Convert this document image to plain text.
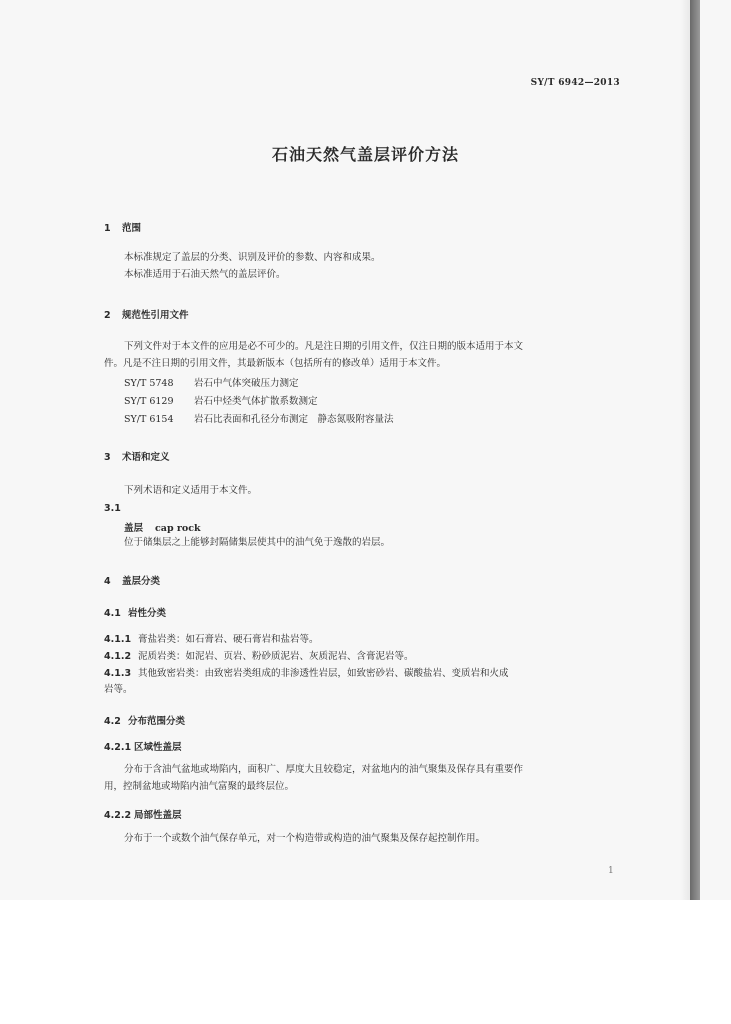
SY/T 6942—2013
石油天然气盖层评价方法
1 范围
本标准规定了盖层的分类、识别及评价的参数、内容和成果。
本标准适用于石油天然气的盖层评价。
2 规范性引用文件
下列文件对于本文件的应用是必不可少的。凡是注日期的引用文件，仅注日期的版本适用于本文
件。凡是不注日期的引用文件，其最新版本（包括所有的修改单）适用于本文件。
SY/T 5748 岩石中气体突破压力测定
SY/T 6129 岩石中烃类气体扩散系数测定
SY/T 6154 岩石比表面和孔径分布测定　静态氮吸附容量法
3 术语和定义
下列术语和定义适用于本文件。
3.1
盖层 cap rock
位于储集层之上能够封隔储集层使其中的油气免于逸散的岩层。
4 盖层分类
4.1 岩性分类
4.1.1 膏盐岩类：如石膏岩、硬石膏岩和盐岩等。
4.1.2 泥质岩类：如泥岩、页岩、粉砂质泥岩、灰质泥岩、含膏泥岩等。
4.1.3 其他致密岩类：由致密岩类组成的非渗透性岩层，如致密砂岩、碳酸盐岩、变质岩和火成
岩等。
4.2 分布范围分类
4.2.1 区域性盖层
分布于含油气盆地或坳陷内，面积广、厚度大且较稳定，对盆地内的油气聚集及保存具有重要作
用，控制盆地或坳陷内油气富聚的最终层位。
4.2.2 局部性盖层
分布于一个或数个油气保存单元，对一个构造带或构造的油气聚集及保存起控制作用。
1
